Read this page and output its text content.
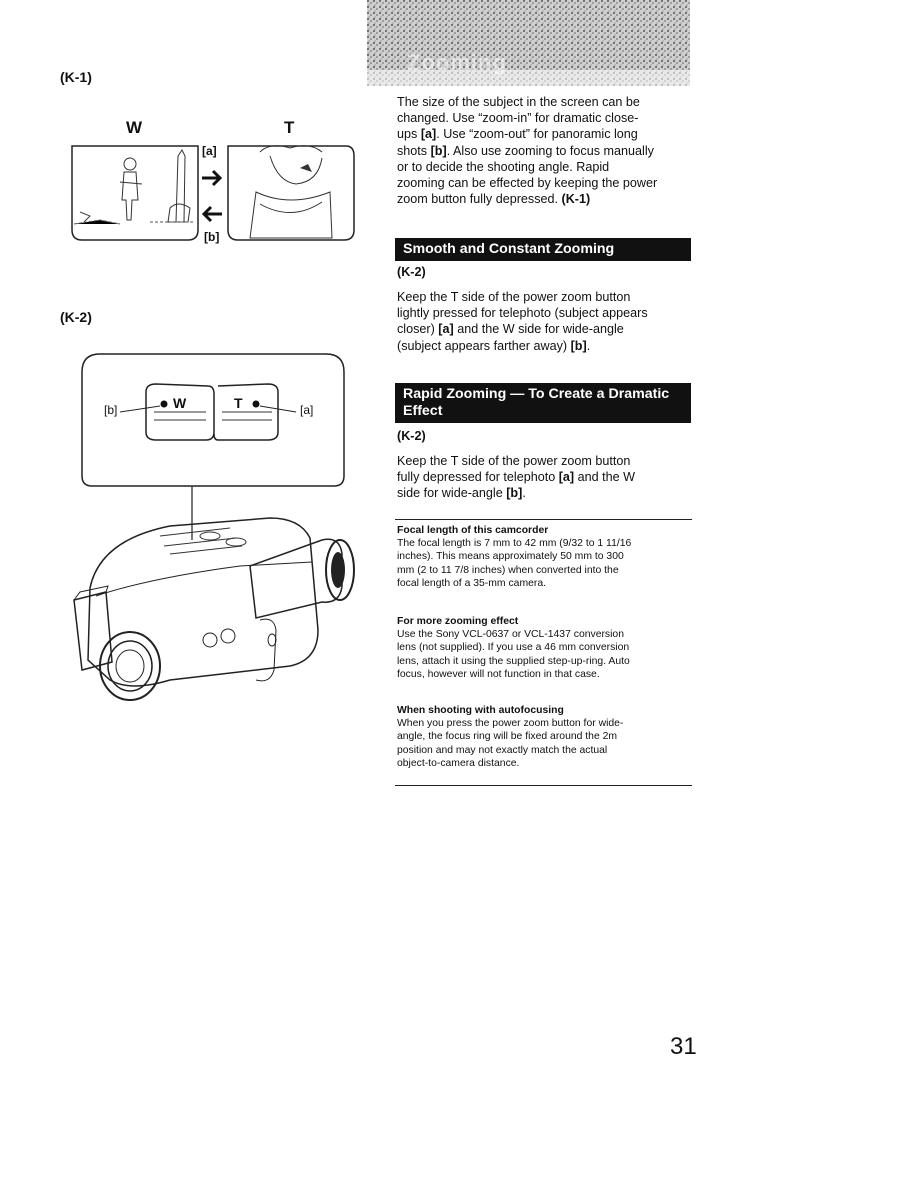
Zooming
(K-1)
W	T
[a]
[b]
(K-2)
[b]	W	T	[a]
The size of the subject in the screen can be
changed. Use “zoom-in” for dramatic close-
ups [a]. Use “zoom-out” for panoramic long
shots [b]. Also use zooming to focus manually
or to decide the shooting angle. Rapid
zooming can be effected by keeping the power
zoom button fully depressed. (K-1)
Smooth and Constant Zooming
(K-2)
Keep the T side of the power zoom button
lightly pressed for telephoto (subject appears
closer) [a] and the W side for wide-angle
(subject appears farther away) [b].
Rapid Zooming — To Create a Dramatic
Effect
(K-2)
Keep the T side of the power zoom button
fully depressed for telephoto [a] and the W
side for wide-angle [b].
Focal length of this camcorder
The focal length is 7 mm to 42 mm (9/32 to 1 11/16
inches). This means approximately 50 mm to 300
mm (2 to 11 7/8 inches) when converted into the
focal length of a 35-mm camera.
For more zooming effect
Use the Sony VCL-0637 or VCL-1437 conversion
lens (not supplied). If you use a 46 mm conversion
lens, attach it using the supplied step-up-ring. Auto
focus, however will not function in that case.
When shooting with autofocusing
When you press the power zoom button for wide-
angle, the focus ring will be fixed around the 2m
position and may not exactly match the actual
object-to-camera distance.
31
